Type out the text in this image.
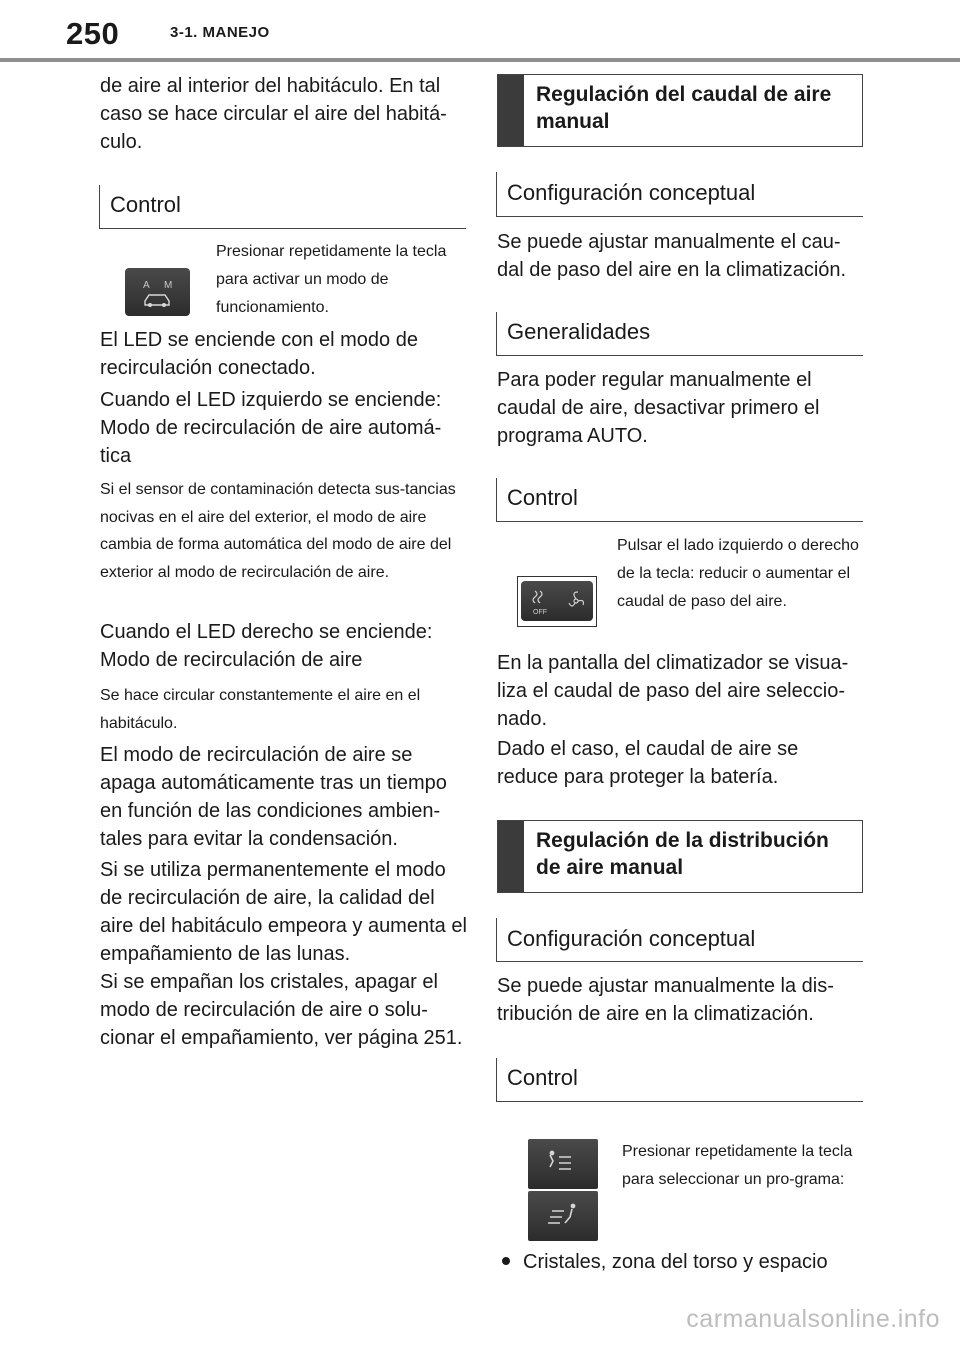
250	3-1. MANEJO

de aire al interior del habitáculo. En tal caso se hace circular el aire del habitá-culo.

Control
A M

Presionar repetidamente la tecla para activar un modo de funcionamiento.

El LED se enciende con el modo de recirculación conectado.

Cuando el LED izquierdo se enciende: Modo de recirculación de aire automá-tica

Si el sensor de contaminación detecta sus-tancias nocivas en el aire del exterior, el modo de aire cambia de forma automática del modo de aire del exterior al modo de recirculación de aire.

Cuando el LED derecho se enciende: Modo de recirculación de aire

Se hace circular constantemente el aire en el habitáculo.

El modo de recirculación de aire se apaga automáticamente tras un tiempo en función de las condiciones ambien-tales para evitar la condensación.

Si se utiliza permanentemente el modo de recirculación de aire, la calidad del aire del habitáculo empeora y aumenta el empañamiento de las lunas.

Si se empañan los cristales, apagar el modo de recirculación de aire o solu-cionar el empañamiento, ver página 251.

Regulación del caudal de aire manual
Configuración conceptual

Se puede ajustar manualmente el cau-dal de paso del aire en la climatización.

Generalidades

Para poder regular manualmente el caudal de aire, desactivar primero el programa AUTO.

Control
OFF

Pulsar el lado izquierdo o derecho de la tecla: reducir o aumentar el caudal de paso del aire.

En la pantalla del climatizador se visua-liza el caudal de paso del aire seleccio-nado.

Dado el caso, el caudal de aire se reduce para proteger la batería.

Regulación de la distribución de aire manual
Configuración conceptual

Se puede ajustar manualmente la dis-tribución de aire en la climatización.

Control

Presionar repetidamente la tecla para seleccionar un pro-grama:

Cristales, zona del torso y espacio

carmanualsonline.info
